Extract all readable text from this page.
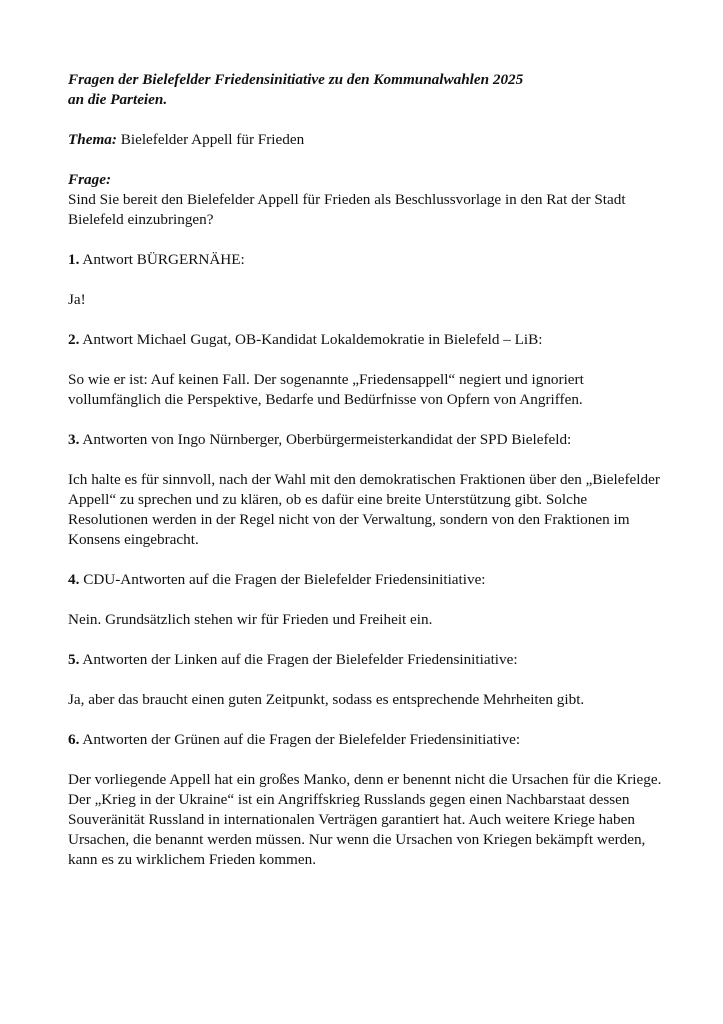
Fragen der Bielefelder Friedensinitiative zu den Kommunalwahlen 2025
an die Parteien.

Thema: Bielefelder Appell für Frieden

Frage:

Sind Sie bereit den Bielefelder Appell für Frieden als Beschlussvorlage in den Rat der Stadt Bielefeld einzubringen?

1. Antwort BÜRGERNÄHE:

Ja!

2. Antwort Michael Gugat, OB-Kandidat Lokaldemokratie in Bielefeld – LiB:

So wie er ist: Auf keinen Fall. Der sogenannte „Friedensappell“ negiert und ignoriert vollumfänglich die Perspektive, Bedarfe und Bedürfnisse von Opfern von Angriffen.

3. Antworten von Ingo Nürnberger, Oberbürgermeisterkandidat der SPD Bielefeld:

Ich halte es für sinnvoll, nach der Wahl mit den demokratischen Fraktionen über den „Bielefelder Appell“ zu sprechen und zu klären, ob es dafür eine breite Unterstützung gibt. Solche Resolutionen werden in der Regel nicht von der Verwaltung, sondern von den Fraktionen im Konsens eingebracht.

4. CDU-Antworten auf die Fragen der Bielefelder Friedensinitiative:

Nein. Grundsätzlich stehen wir für Frieden und Freiheit ein.

5. Antworten der Linken auf die Fragen der Bielefelder Friedensinitiative:

Ja, aber das braucht einen guten Zeitpunkt, sodass es entsprechende Mehrheiten gibt.

6. Antworten der Grünen auf die Fragen der Bielefelder Friedensinitiative:

Der vorliegende Appell hat ein großes Manko, denn er benennt nicht die Ursachen für die Kriege.

Der „Krieg in der Ukraine“ ist ein Angriffskrieg Russlands gegen einen Nachbarstaat dessen Souveränität Russland in internationalen Verträgen garantiert hat. Auch weitere Kriege haben Ursachen, die benannt werden müssen. Nur wenn die Ursachen von Kriegen bekämpft werden, kann es zu wirklichem Frieden kommen.
